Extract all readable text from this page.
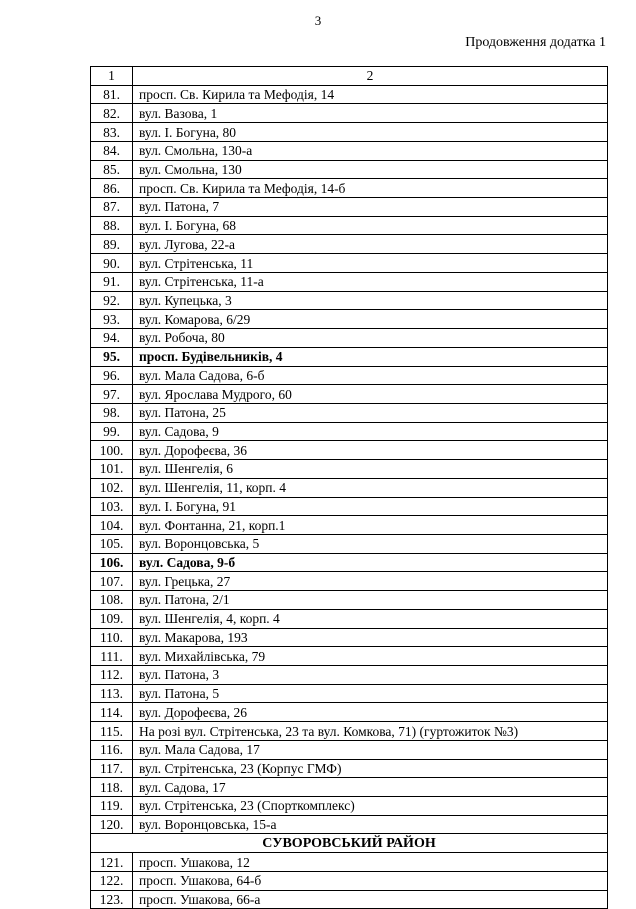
3
Продовження додатка 1
1	2
81.	просп. Св. Кирила та Мефодія, 14
82.	вул. Вазова, 1
83.	вул. І. Богуна, 80
84.	вул. Смольна, 130-а
85.	вул. Смольна, 130
86.	просп. Св. Кирила та Мефодія, 14-б
87.	вул. Патона, 7
88.	вул. І. Богуна, 68
89.	вул. Лугова, 22-а
90.	вул. Стрітенська, 11
91.	вул. Стрітенська, 11-а
92.	вул. Купецька, 3
93.	вул. Комарова, 6/29
94.	вул. Робоча, 80
95.	просп. Будівельників, 4
96.	вул. Мала Садова, 6-б
97.	вул. Ярослава Мудрого, 60
98.	вул. Патона, 25
99.	вул. Садова, 9
100.	вул. Дорофеєва, 36
101.	вул. Шенгелія, 6
102.	вул. Шенгелія, 11, корп. 4
103.	вул. І. Богуна, 91
104.	вул. Фонтанна, 21, корп.1
105.	вул. Воронцовська, 5
106.	вул. Садова, 9-б
107.	вул. Грецька, 27
108.	вул. Патона, 2/1
109.	вул. Шенгелія, 4, корп. 4
110.	вул. Макарова, 193
111.	вул. Михайлівська, 79
112.	вул. Патона, 3
113.	вул. Патона, 5
114.	вул. Дорофеєва, 26
115.	На розі вул. Стрітенська, 23 та вул. Комкова, 71) (гуртожиток №3)
116.	вул. Мала Садова, 17
117.	вул. Стрітенська, 23 (Корпус ГМФ)
118.	вул. Садова, 17
119.	вул. Стрітенська, 23 (Спорткомплекс)
120.	вул. Воронцовська, 15-а
СУВОРОВСЬКИЙ РАЙОН	
121.	просп. Ушакова, 12
122.	просп. Ушакова, 64-б
123.	просп. Ушакова, 66-а
